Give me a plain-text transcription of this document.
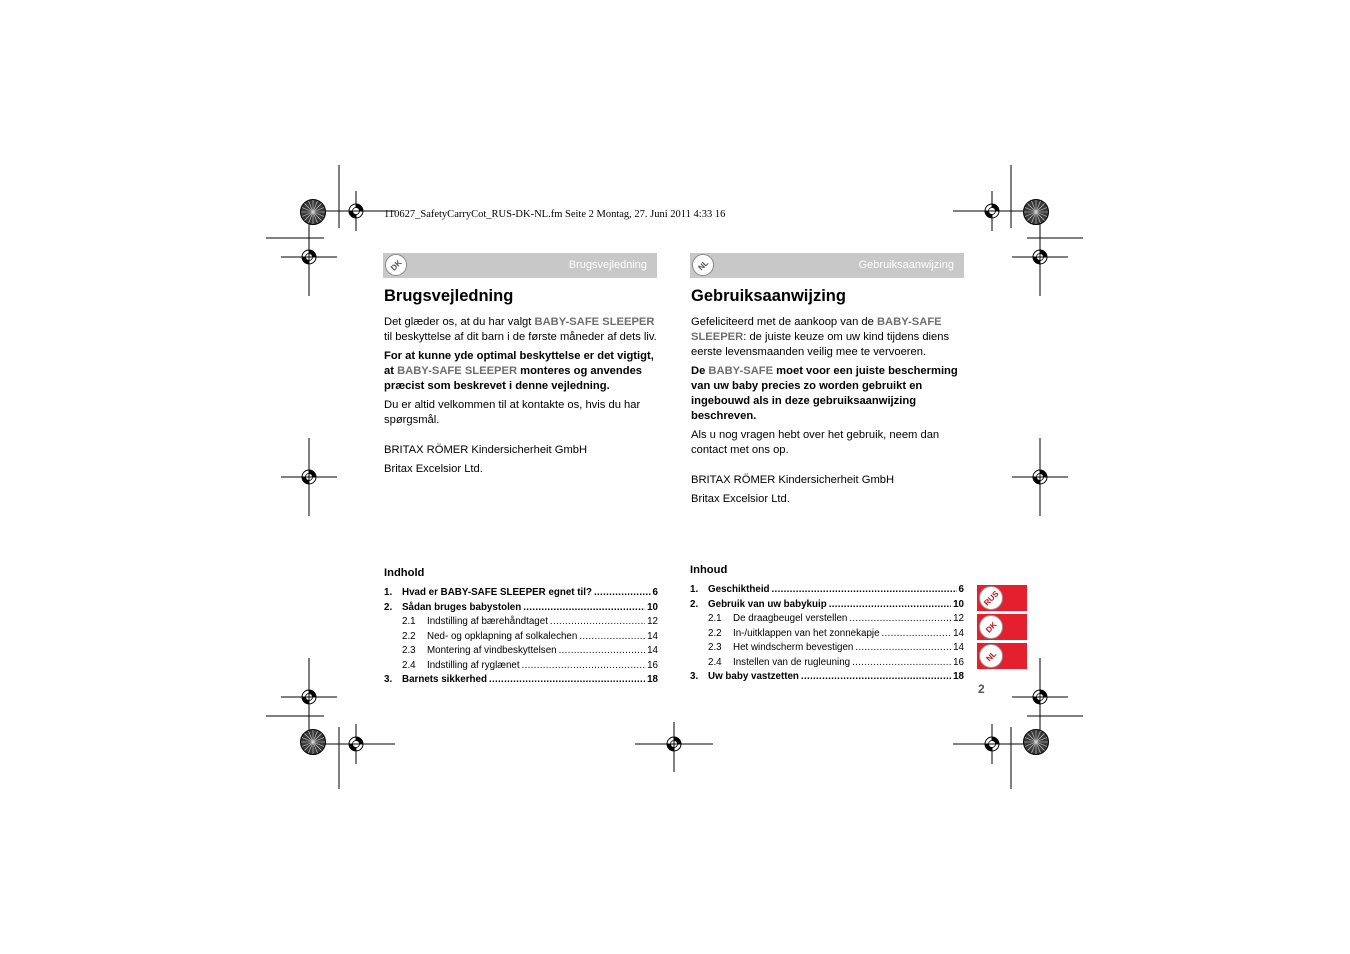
110627_SafetyCarryCot_RUS-DK-NL.fm Seite 2 Montag, 27. Juni 2011 4:33 16
DK	Brugsvejledning
Brugsvejledning

Det glæder os, at du har valgt BABY-SAFE SLEEPER til beskyttelse af dit barn i de første måneder af dets liv.

For at kunne yde optimal beskyttelse er det vigtigt, at BABY-SAFE SLEEPER monteres og anvendes præcist som beskrevet i denne vejledning.

Du er altid velkommen til at kontakte os, hvis du har spørgsmål.

BRITAX RÖMER Kindersicherheit GmbH

Britax Excelsior Ltd.

Indhold
1.	Hvad er BABY-SAFE SLEEPER egnet til? .....	6
2.	Sådan bruges babystolen .....	10
2.1	Indstilling af bærehåndtaget .....	12
2.2	Ned- og opklapning af solkalechen .....	14
2.3	Montering af vindbeskyttelsen .....	14
2.4	Indstilling af ryglænet .....	16
3.	Barnets sikkerhed .....	18
NL	Gebruiksaanwijzing
Gebruiksaanwijzing

Gefeliciteerd met de aankoop van de BABY-SAFE SLEEPER: de juiste keuze om uw kind tijdens diens eerste levensmaanden veilig mee te vervoeren.

De BABY-SAFE moet voor een juiste bescherming van uw baby precies zo worden gebruikt en ingebouwd als in deze gebruiksaanwijzing beschreven.

Als u nog vragen hebt over het gebruik, neem dan contact met ons op.

BRITAX RÖMER Kindersicherheit GmbH

Britax Excelsior Ltd.

Inhoud
1.	Geschiktheid .....	6
2.	Gebruik van uw babykuip .....	10
2.1	De draagbeugel verstellen .....	12
2.2	In-/uitklappen van het zonnekapje .....	14
2.3	Het windscherm bevestigen .....	14
2.4	Instellen van de rugleuning .....	16
3.	Uw baby vastzetten .....	18
RUS
DK
NL
2
